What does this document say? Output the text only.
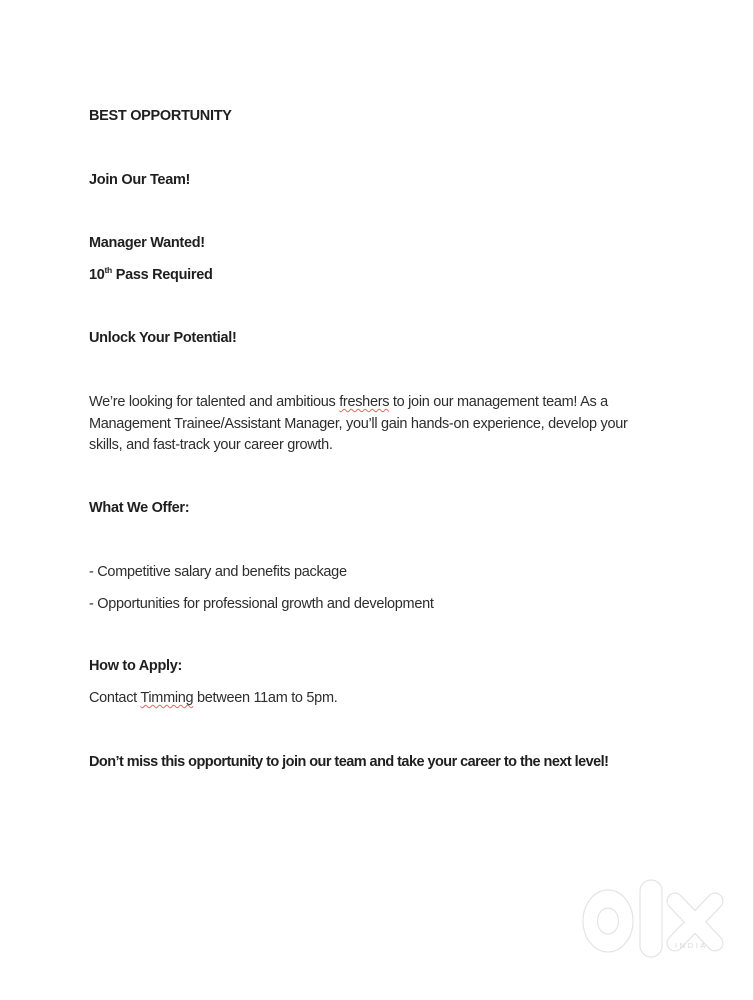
BEST OPPORTUNITY
Join Our Team!
Manager Wanted!
10th Pass Required
Unlock Your Potential!
We’re looking for talented and ambitious freshers to join our management team! As a
Management Trainee/Assistant Manager, you’ll gain hands-on experience, develop your
skills, and fast-track your career growth.
What We Offer:
- Competitive salary and benefits package
- Opportunities for professional growth and development
How to Apply:
Contact Timming between 11am to 5pm.
Don’t miss this opportunity to join our team and take your career to the next level!
INDIA
